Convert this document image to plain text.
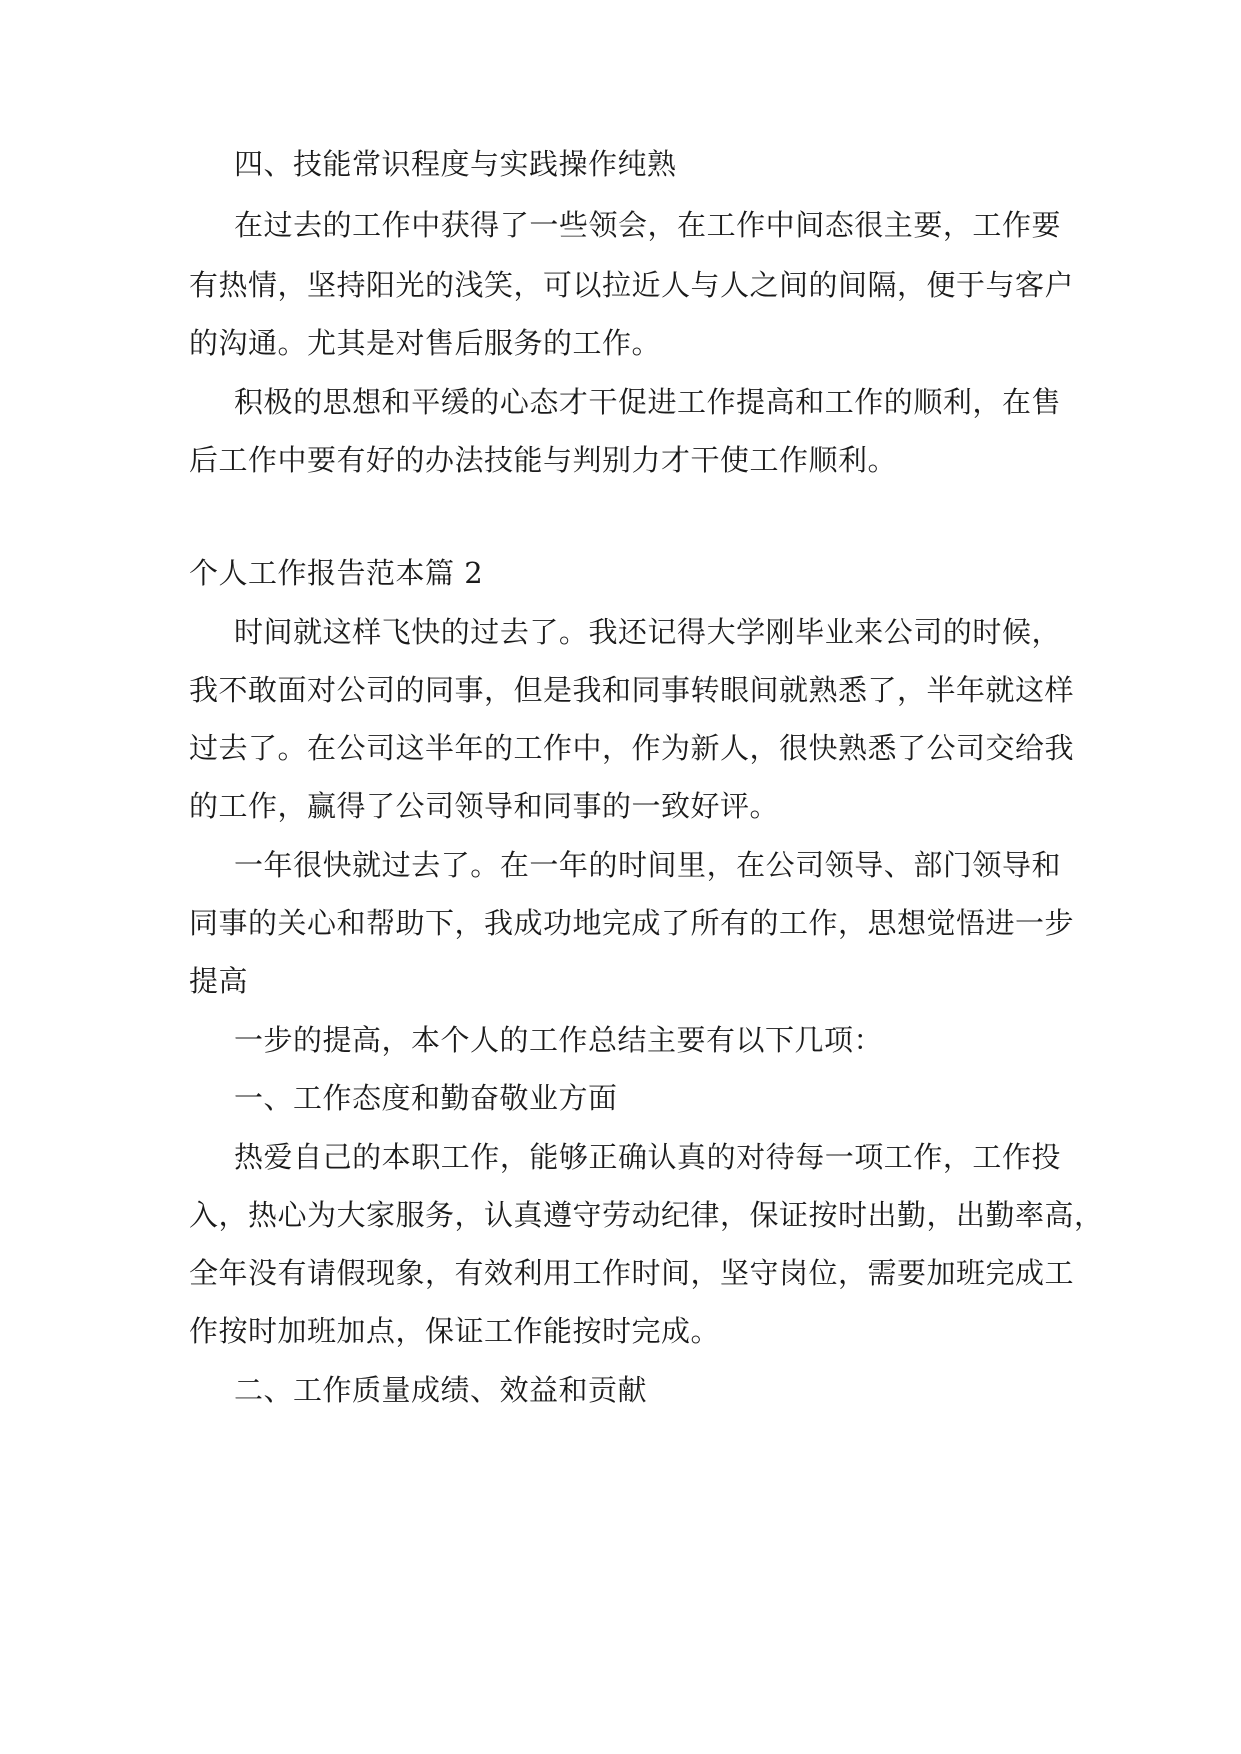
四、技能常识程度与实践操作纯熟
在过去的工作中获得了一些领会，在工作中间态很主要，工作要
有热情，坚持阳光的浅笑，可以拉近人与人之间的间隔，便于与客户
的沟通。尤其是对售后服务的工作。
积极的思想和平缓的心态才干促进工作提高和工作的顺利，在售
后工作中要有好的办法技能与判别力才干使工作顺利。
个人工作报告范本篇 2
时间就这样飞快的过去了。我还记得大学刚毕业来公司的时候，
我不敢面对公司的同事，但是我和同事转眼间就熟悉了，半年就这样
过去了。在公司这半年的工作中，作为新人，很快熟悉了公司交给我
的工作，赢得了公司领导和同事的一致好评。
一年很快就过去了。在一年的时间里，在公司领导、部门领导和
同事的关心和帮助下，我成功地完成了所有的工作，思想觉悟进一步
提高
一步的提高，本个人的工作总结主要有以下几项：
一、工作态度和勤奋敬业方面
热爱自己的本职工作，能够正确认真的对待每一项工作，工作投
入，热心为大家服务，认真遵守劳动纪律，保证按时出勤，出勤率高，
全年没有请假现象，有效利用工作时间，坚守岗位，需要加班完成工
作按时加班加点，保证工作能按时完成。
二、工作质量成绩、效益和贡献
